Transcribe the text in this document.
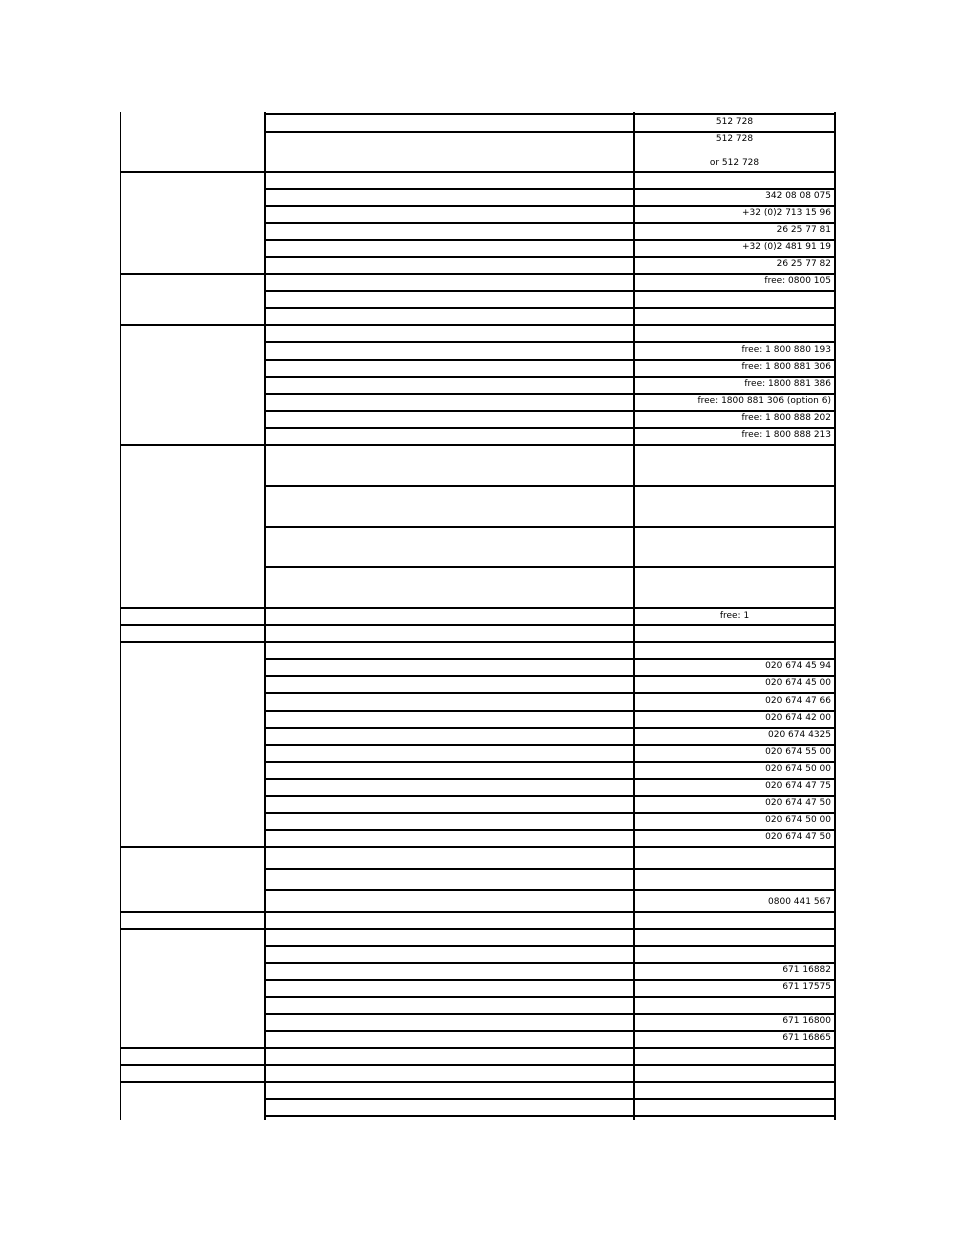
512 728
512 728
or 512 728
342 08 08 075
+32 (0)2 713 15 96
26 25 77 81
+32 (0)2 481 91 19
26 25 77 82
free: 0800 105
free: 1 800 880 193
free: 1 800 881 306
free: 1800 881 386
free: 1800 881 306 (option 6)
free: 1 800 888 202
free: 1 800 888 213
free: 1
020 674 45 94
020 674 45 00
020 674 47 66
020 674 42 00
020 674 4325
020 674 55 00
020 674 50 00
020 674 47 75
020 674 47 50
020 674 50 00
020 674 47 50
0800 441 567
671 16882
671 17575
671 16800
671 16865
